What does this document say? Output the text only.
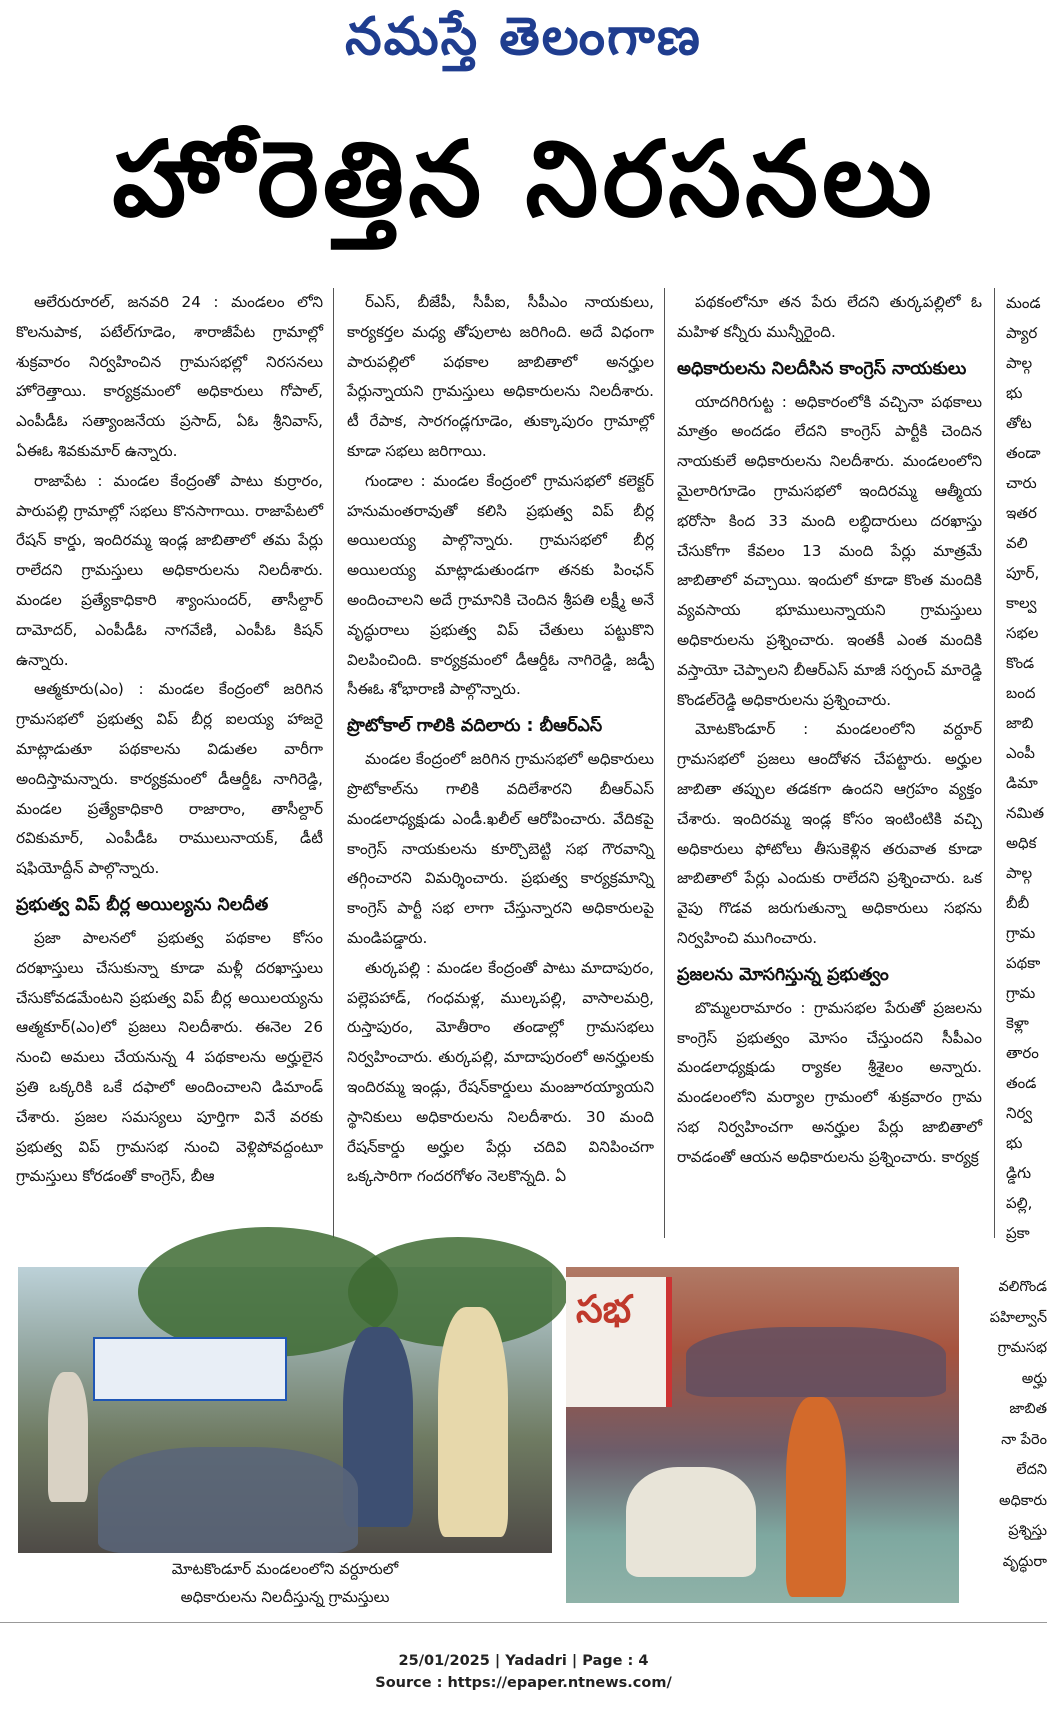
నమస్తే తెలంగాణ
హోరెత్తిన నిరసనలు

ఆలేరురూరల్, జనవరి 24 : మండలం లోని కొలనుపాక, పటేల్‌గూడెం, శారాజీపేట గ్రామాల్లో శుక్రవారం నిర్వహించిన గ్రామసభల్లో నిరసనలు హోరెత్తాయి. కార్యక్రమంలో అధికారులు గోపాల్, ఎంపీడీఓ సత్యాంజనేయ ప్రసాద్, ఏఓ శ్రీనివాస్, ఏఈఓ శివకుమార్ ఉన్నారు.

రాజాపేట : మండల కేంద్రంతో పాటు కుర్రారం, పారుపల్లి గ్రామాల్లో సభలు కొనసాగాయి. రాజాపేటలో రేషన్ కార్డు, ఇందిరమ్మ ఇండ్ల జాబితాలో తమ పేర్లు రాలేదని గ్రామస్తులు అధికారులను నిలదీశారు. మండల ప్రత్యేకాధికారి శ్యాంసుందర్, తాసీల్దార్ దామోదర్, ఎంపీడీఓ నాగవేణి, ఎంపీఓ కిషన్ ఉన్నారు.

ఆత్మకూరు(ఎం) : మండల కేంద్రంలో జరిగిన గ్రామసభలో ప్రభుత్వ విప్ బీర్ల ఐలయ్య హాజరై మాట్లాడుతూ పథకాలను విడుతల వారీగా అందిస్తామన్నారు. కార్యక్రమంలో డీఆర్డీఓ నాగిరెడ్డి, మండల ప్రత్యేకాధికారి రాజారాం, తాసీల్దార్ రవికుమార్, ఎంపీడీఓ రాములునాయక్, డీటీ షఫియోద్దీన్ పాల్గొన్నారు.

ప్రభుత్వ విప్ బీర్ల అయిల్యను నిలదీత

ప్రజా పాలనలో ప్రభుత్వ పథకాల కోసం దరఖాస్తులు చేసుకున్నా కూడా మళ్లీ దరఖాస్తులు చేసుకోవడమేంటని ప్రభుత్వ విప్ బీర్ల అయిలయ్యను ఆత్మకూర్(ఎం)లో ప్రజలు నిలదీశారు. ఈనెల 26 నుంచి అమలు చేయనున్న 4 పథకాలను అర్హులైన ప్రతి ఒక్కరికి ఒకే దఫాలో అందించాలని డిమాండ్ చేశారు. ప్రజల సమస్యలు పూర్తిగా వినే వరకు ప్రభుత్వ విప్ గ్రామసభ నుంచి వెళ్లిపోవద్దంటూ గ్రామస్తులు కోరడంతో కాంగ్రెస్, బీఆ

ర్ఎస్, బీజేపీ, సీపీఐ, సీపీఎం నాయకులు, కార్యకర్తల మధ్య తోపులాట జరిగింది. అదే విధంగా పారుపల్లిలో పథకాల జాబితాలో అనర్హుల పేర్లున్నాయని గ్రామస్తులు అధికారులను నిలదీశారు. టీ రేపాక, సారగండ్లగూడెం, తుక్కాపురం గ్రామాల్లో కూడా సభలు జరిగాయి.

గుండాల : మండల కేంద్రంలో గ్రామసభలో కలెక్టర్ హనుమంతరావుతో కలిసి ప్రభుత్వ విప్ బీర్ల అయిలయ్య పాల్గొన్నారు. గ్రామసభలో బీర్ల అయిలయ్య మాట్లాడుతుండగా తనకు పింఛన్ అందించాలని అదే గ్రామానికి చెందిన శ్రీపతి లక్ష్మీ అనే వృద్ధురాలు ప్రభుత్వ విప్ చేతులు పట్టుకొని విలపించింది. కార్యక్రమంలో డీఆర్డీఓ నాగిరెడ్డి, జడ్పీ సీఈఓ శోభారాణి పాల్గొన్నారు.

ప్రొటోకాల్ గాలికి వదిలారు : బీఆర్ఎస్

మండల కేంద్రంలో జరిగిన గ్రామసభలో అధికారులు ప్రొటోకాల్‌ను గాలికి వదిలేశారని బీఆర్ఎస్ మండలాధ్యక్షుడు ఎండీ.ఖలీల్ ఆరోపించారు. వేదికపై కాంగ్రెస్ నాయకులను కూర్చొబెట్టి సభ గౌరవాన్ని తగ్గించారని విమర్శించారు. ప్రభుత్వ కార్యక్రమాన్ని కాంగ్రెస్ పార్టీ సభ లాగా చేస్తున్నారని అధికారులపై మండిపడ్డారు.

తుర్కపల్లి : మండల కేంద్రంతో పాటు మాదాపురం, పల్లెపహాడ్, గంధమళ్ల, ముల్కపల్లి, వాసాలమర్రి, రుస్తాపురం, మోతీరాం తండాల్లో గ్రామసభలు నిర్వహించారు. తుర్కపల్లి, మాదాపురంలో అనర్హులకు ఇందిరమ్మ ఇండ్లు, రేషన్‌కార్డులు మంజూరయ్యాయని స్థానికులు అధికారులను నిలదీశారు. 30 మంది రేషన్‌కార్డు అర్హుల పేర్లు చదివి వినిపించగా ఒక్కసారిగా గందరగోళం నెలకొన్నది. ఏ

పథకంలోనూ తన పేరు లేదని తుర్కపల్లిలో ఓ మహిళ కన్నీరు మున్నీరైంది.

అధికారులను నిలదీసిన కాంగ్రెస్ నాయకులు

యాదగిరిగుట్ట : అధికారంలోకి వచ్చినా పథకాలు మాత్రం అందడం లేదని కాంగ్రెస్ పార్టీకి చెందిన నాయకులే అధికారులను నిలదీశారు. మండలంలోని మైలారిగూడెం గ్రామసభలో ఇందిరమ్మ ఆత్మీయ భరోసా కింద 33 మంది లబ్ధిదారులు దరఖాస్తు చేసుకోగా కేవలం 13 మంది పేర్లు మాత్రమే జాబితాలో వచ్చాయి. ఇందులో కూడా కొంత మందికి వ్యవసాయ భూములున్నాయని గ్రామస్తులు అధికారులను ప్రశ్నించారు. ఇంతకీ ఎంత మందికి వస్తాయో చెప్పాలని బీఆర్ఎస్ మాజీ సర్పంచ్ మారెడ్డి కొండల్‌రెడ్డి అధికారులను ప్రశ్నించారు.

మోటకొండూర్ : మండలంలోని వర్దూర్ గ్రామసభలో ప్రజలు ఆందోళన చేపట్టారు. అర్హుల జాబితా తప్పుల తడకగా ఉందని ఆగ్రహం వ్యక్తం చేశారు. ఇందిరమ్మ ఇండ్ల కోసం ఇంటింటికి వచ్చి అధికారులు ఫోటోలు తీసుకెళ్లిన తరువాత కూడా జాబితాలో పేర్లు ఎందుకు రాలేదని ప్రశ్నించారు. ఒక వైపు గొడవ జరుగుతున్నా అధికారులు సభను నిర్వహించి ముగించారు.

ప్రజలను మోసగిస్తున్న ప్రభుత్వం

బొమ్మలరామారం : గ్రామసభల పేరుతో ప్రజలను కాంగ్రెస్ ప్రభుత్వం మోసం చేస్తుందని సీపీఎం మండలాధ్యక్షుడు ర్యాకల శ్రీశైలం అన్నారు. మండలంలోని మర్యాల గ్రామంలో శుక్రవారం గ్రామ సభ నిర్వహించగా అనర్హుల పేర్లు జాబితాలో రావడంతో ఆయన అధికారులను ప్రశ్నించారు. కార్యక్ర

మండ
ప్యార
పాల్గ
భు
తోట
తండా
చారు
ఇతర
వలి
పూర్,
కాల్వ
సభల
కొండ
బంద
జాబి
ఎంపీ
డిమా
నమిత
అధిక
పాల్గ
బీబీ
గ్రామ
పథకా
గ్రామ
కెళ్లా
తారం
తండ
నిర్వ
భు
డ్డిగు
పల్లి,
ప్రకా
మోటకొండూర్ మండలంలోని వర్దూరులో
అధికారులను నిలదీస్తున్న గ్రామస్తులు
సభ	వలిగొండ
పహిల్వాన్
గ్రామసభ
అర్హు
జాబిత
నా పేరెం
లేదని
అధికారు
ప్రశ్నిస్తు
వృద్ధురా
25/01/2025 | Yadadri | Page : 4
Source : https://epaper.ntnews.com/
